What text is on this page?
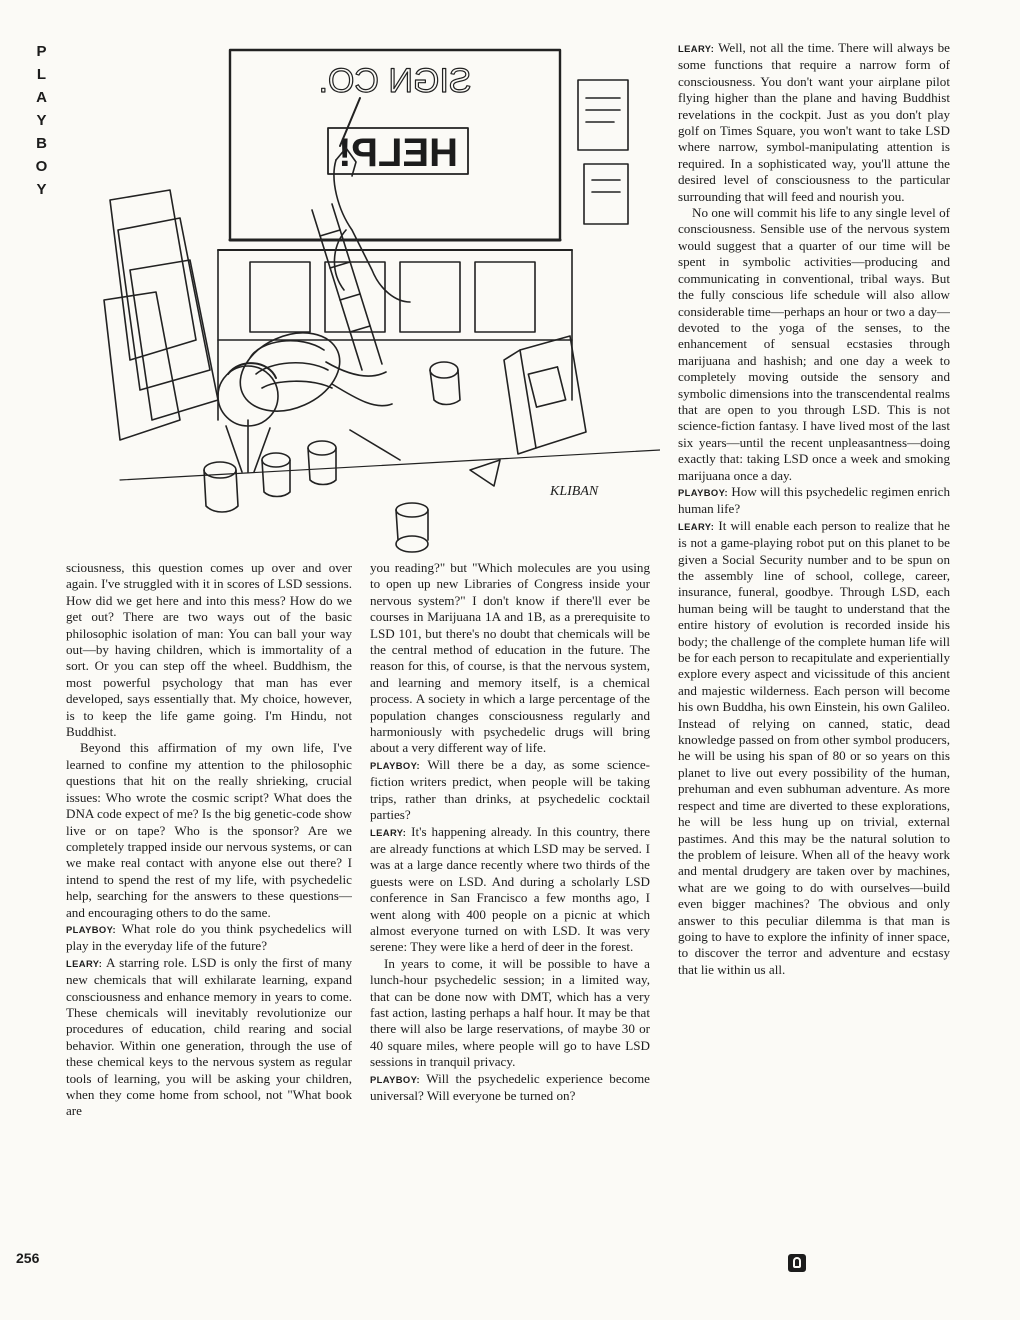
P
L
A
Y
B
O
Y
SIGN CO.
HELP!
KLIBAN

sciousness, this question comes up over and over again. I've struggled with it in scores of LSD sessions. How did we get here and into this mess? How do we get out? There are two ways out of the basic philosophic isolation of man: You can ball your way out—by having children, which is immortality of a sort. Or you can step off the wheel. Buddhism, the most powerful psychology that man has ever developed, says essentially that. My choice, however, is to keep the life game going. I'm Hindu, not Buddhist.

Beyond this affirmation of my own life, I've learned to confine my attention to the philosophic questions that hit on the really shrieking, crucial issues: Who wrote the cosmic script? What does the DNA code expect of me? Is the big genetic-code show live or on tape? Who is the sponsor? Are we completely trapped inside our nervous systems, or can we make real contact with anyone else out there? I intend to spend the rest of my life, with psychedelic help, searching for the answers to these questions—and encouraging others to do the same.

PLAYBOY: What role do you think psychedelics will play in the everyday life of the future?

LEARY: A starring role. LSD is only the first of many new chemicals that will exhilarate learning, expand consciousness and enhance memory in years to come. These chemicals will inevitably revolutionize our procedures of education, child rearing and social behavior. Within one generation, through the use of these chemical keys to the nervous system as regular tools of learning, you will be asking your children, when they come home from school, not "What book are

you reading?" but "Which molecules are you using to open up new Libraries of Congress inside your nervous system?" I don't know if there'll ever be courses in Marijuana 1A and 1B, as a prerequisite to LSD 101, but there's no doubt that chemicals will be the central method of education in the future. The reason for this, of course, is that the nervous system, and learning and memory itself, is a chemical process. A society in which a large percentage of the population changes consciousness regularly and harmoniously with psychedelic drugs will bring about a very different way of life.

PLAYBOY: Will there be a day, as some science-fiction writers predict, when people will be taking trips, rather than drinks, at psychedelic cocktail parties?

LEARY: It's happening already. In this country, there are already functions at which LSD may be served. I was at a large dance recently where two thirds of the guests were on LSD. And during a scholarly LSD conference in San Francisco a few months ago, I went along with 400 people on a picnic at which almost everyone turned on with LSD. It was very serene: They were like a herd of deer in the forest.

In years to come, it will be possible to have a lunch-hour psychedelic session; in a limited way, that can be done now with DMT, which has a very fast action, lasting perhaps a half hour. It may be that there will also be large reservations, of maybe 30 or 40 square miles, where people will go to have LSD sessions in tranquil privacy.

PLAYBOY: Will the psychedelic experience become universal? Will everyone be turned on?

LEARY: Well, not all the time. There will always be some functions that require a narrow form of consciousness. You don't want your airplane pilot flying higher than the plane and having Buddhist revelations in the cockpit. Just as you don't play golf on Times Square, you won't want to take LSD where narrow, symbol-manipulating attention is required. In a sophisticated way, you'll attune the desired level of consciousness to the particular surrounding that will feed and nourish you.

No one will commit his life to any single level of consciousness. Sensible use of the nervous system would suggest that a quarter of our time will be spent in symbolic activities—producing and communicating in conventional, tribal ways. But the fully conscious life schedule will also allow considerable time—perhaps an hour or two a day—devoted to the yoga of the senses, to the enhancement of sensual ecstasies through marijuana and hashish; and one day a week to completely moving outside the sensory and symbolic dimensions into the transcendental realms that are open to you through LSD. This is not science-fiction fantasy. I have lived most of the last six years—until the recent unpleasantness—doing exactly that: taking LSD once a week and smoking marijuana once a day.

PLAYBOY: How will this psychedelic regimen enrich human life?

LEARY: It will enable each person to realize that he is not a game-playing robot put on this planet to be given a Social Security number and to be spun on the assembly line of school, college, career, insurance, funeral, goodbye. Through LSD, each human being will be taught to understand that the entire history of evolution is recorded inside his body; the challenge of the complete human life will be for each person to recapitulate and experientially explore every aspect and vicissitude of this ancient and majestic wilderness. Each person will become his own Buddha, his own Einstein, his own Galileo. Instead of relying on canned, static, dead knowledge passed on from other symbol producers, he will be using his span of 80 or so years on this planet to live out every possibility of the human, prehuman and even subhuman adventure. As more respect and time are diverted to these explorations, he will be less hung up on trivial, external pastimes. And this may be the natural solution to the problem of leisure. When all of the heavy work and mental drudgery are taken over by machines, what are we going to do with ourselves—build even bigger machines? The obvious and only answer to this peculiar dilemma is that man is going to have to explore the infinity of inner space, to discover the terror and adventure and ecstasy that lie within us all.

256
